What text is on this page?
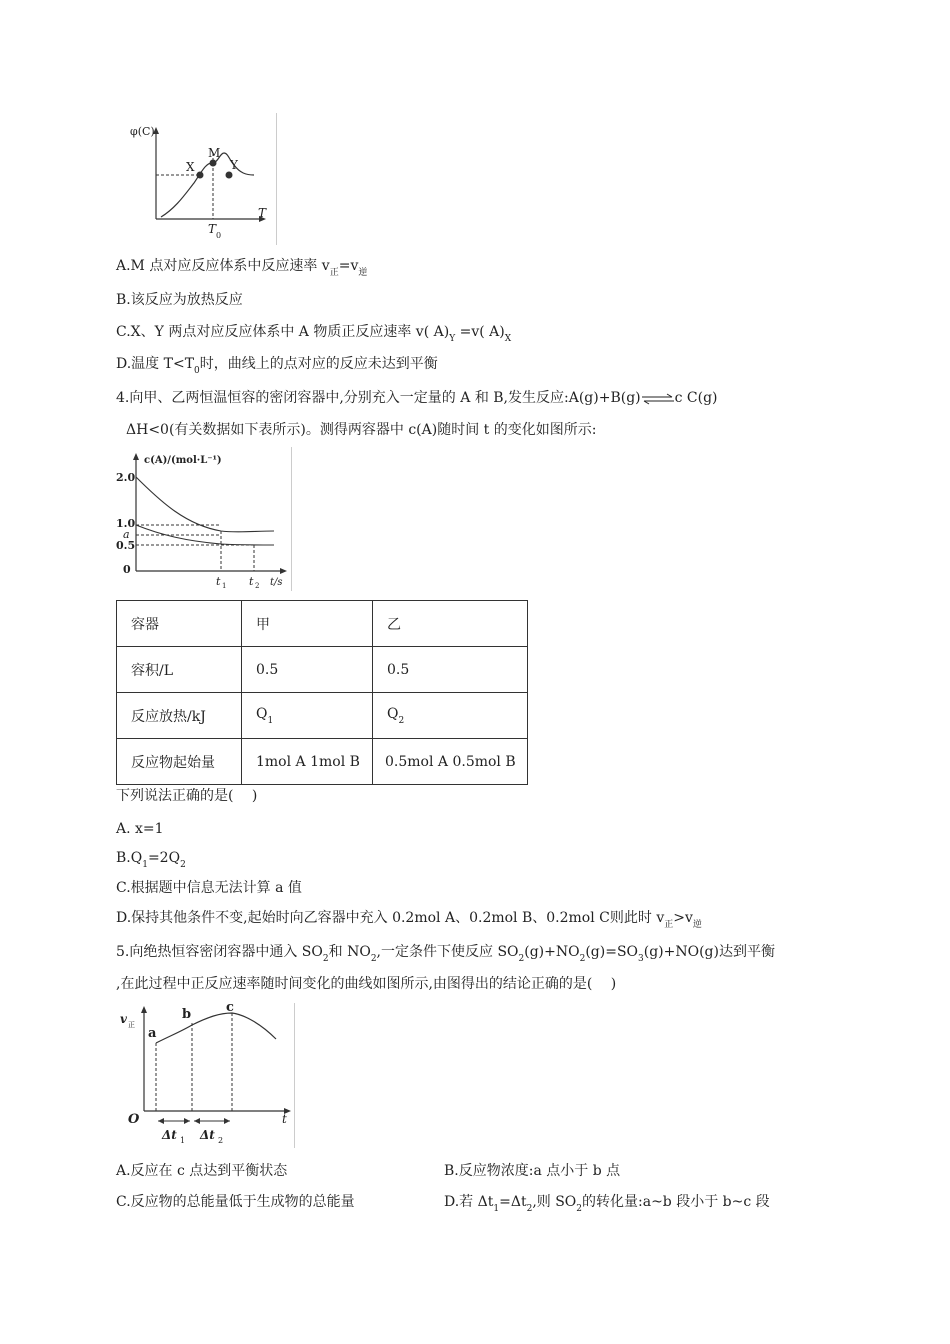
φ(C)
X
M
Y
T
T 0
A.M 点对应反应体系中反应速率 $v_正=v_逆$
B.该反应为放热反应
C.X、Y 两点对应反应体系中 A 物质正反应速率 v( $A)_Y =v$( $A)_X$
D.温度 $T<T_0$时，曲线上的点对应的反应未达到平衡
4.向甲、乙两恒温恒容的密闭容器中,分别充入一定量的 A 和 B,发生反应:A(g)+B(g)⇌c C(g)
ΔH<0(有关数据如下表所示)。测得两容器中 c(A)随时间 t 的变化如图所示:
c(A)/(mol·L⁻¹)
2.0
1.0
a
0.5
0
t 1 t 2 t/s
容器	甲	乙
容积/L	0.5	0.5
反应放热/kJ	$Q_1$	$Q_2$
反应物起始量	1mol A 1mol B	0.5mol A 0.5mol B
下列说法正确的是(　 )
A. x=1
$B.Q_1=2Q_2$
C.根据题中信息无法计算 a 值
D.保持其他条件不变,起始时向乙容器中充入 0.2mol A、0.2mol B、0.2mol C则此时 $v_正>v_逆$
5.向绝热恒容密闭容器中通入 $SO_2$和 $NO_2$,一定条件下使反应 $SO_2(g)+NO_2(g)=SO_3(g)+NO(g)$达到平衡
,在此过程中正反应速率随时间变化的曲线如图所示,由图得出的结论正确的是(　 )
v 正
a
b	c
O	t
Δt 1 Δt 2
A.反应在 c 点达到平衡状态	B.反应物浓度:a 点小于 b 点
C.反应物的总能量低于生成物的总能量	D.若 $\Delta t_1=\Delta t_2$,则 $SO_2$的转化量:a~b 段小于 b~c 段
